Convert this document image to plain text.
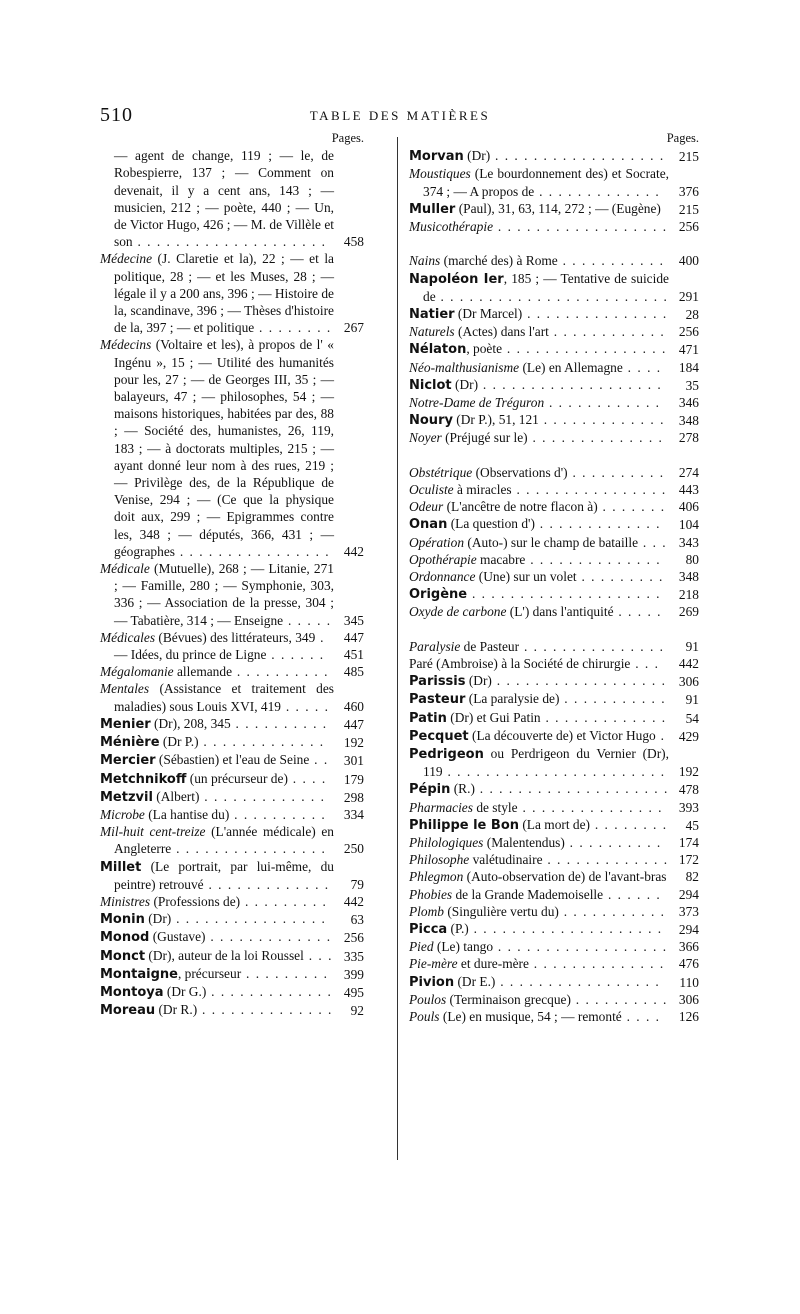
510	TABLE DES MATIÈRES
Pages.
— agent de change, 119 ; — le, de Robespierre, 137 ; — Comment on devenait, il y a cent ans, 143 ; — musicien, 212 ; — poète, 440 ; — Un, de Victor Hugo, 426 ; — M. de Villèle et son . . . . . . . . . . . . . . . . . . . .	458
Médecine (J. Claretie et la), 22 ; — et la politique, 28 ; — et les Muses, 28 ; — légale il y a 200 ans, 396 ; — Histoire de la, scandinave, 396 ; — Thèses d'histoire de la, 397 ; — et politique . . . . . . . . 267
Médecins (Voltaire et les), à propos de l' « Ingénu », 15 ; — Utilité des humanités pour les, 27 ; — de Georges III, 35 ; — balayeurs, 47 ; — philosophes, 54 ; — maisons historiques, habitées par des, 88 ; — Société des, humanistes, 26, 119, 183 ; — à doctorats multiples, 215 ; — ayant donné leur nom à des rues, 219 ; — Privilège des, de la République de Venise, 294 ; — (Ce que la physique doit aux, 299 ; — Epigrammes contre les, 348 ; — députés, 366, 431 ; — géographes . . . . . . . . . . . . . . . .	442
Médicale (Mutuelle), 268 ; — Litanie, 271 ; — Famille, 280 ; — Symphonie, 303, 336 ; — Association de la presse, 304 ; — Tabatière, 314 ; — Enseigne . . . . . 345
Médicales (Bévues) des littérateurs, 349 .	447
— Idées, du prince de Ligne . . . . . .	451
Mégalomanie allemande . . . . . . . . . .	485
Mentales (Assistance et traitement des maladies) sous Louis XVI, 419 . . . . .	460
Menier (Dr), 208, 345 . . . . . . . . . .	447
Ménière (Dr P.) . . . . . . . . . . . . .	192
Mercier (Sébastien) et l'eau de Seine . .	301
Metchnikoff (un précurseur de) . . . .	179
Metzvil (Albert) . . . . . . . . . . . . .	298
Microbe (La hantise du) . . . . . . . . . .	334
Mil-huit cent-treize (L'année médicale) en Angleterre . . . . . . . . . . . . . . . .	250
Millet (Le portrait, par lui-même, du peintre) retrouvé . . . . . . . . . . . . .	79
Ministres (Professions de) . . . . . . . . .	442
Monin (Dr) . . . . . . . . . . . . . . . .	63
Monod (Gustave) . . . . . . . . . . . . . 256
Monct (Dr), auteur de la loi Roussel . . . 335
Montaigne, précurseur . . . . . . . . .	399
Montoya (Dr G.) . . . . . . . . . . . . . 495
Moreau (Dr R.) . . . . . . . . . . . . . .	92
Pages.
Morvan (Dr) . . . . . . . . . . . . . . . . . .	215
Moustiques (Le bourdonnement des) et Socrate, 374 ; — A propos de . . . . . . . . . . . . .	376
Muller (Paul), 31, 63, 114, 272 ; — (Eugène)	215
Musicothérapie . . . . . . . . . . . . . . . . . . 256
Nains (marché des) à Rome . . . . . . . . . . .	400
Napoléon Ier, 185 ; — Tentative de suicide de . . . . . . . . . . . . . . . . . . . . . . . . 291
Natier (Dr Marcel) . . . . . . . . . . . . . . .	28
Naturels (Actes) dans l'art . . . . . . . . . . . .	256
Nélaton, poète . . . . . . . . . . . . . . . . . 471
Néo-malthusianisme (Le) en Allemagne . . . .	184
Niclot (Dr) . . . . . . . . . . . . . . . . . . .	35
Notre-Dame de Tréguron . . . . . . . . . . . .	346
Noury (Dr P.), 51, 121 . . . . . . . . . . . . .	348
Noyer (Préjugé sur le) . . . . . . . . . . . . . .	278
Obstétrique (Observations d') . . . . . . . . . .	274
Oculiste à miracles . . . . . . . . . . . . . . . . 443
Odeur (L'ancêtre de notre flacon à) . . . . . . . 406
Onan (La question d') . . . . . . . . . . . . .	104
Opération (Auto-) sur le champ de bataille . . . 343
Opothérapie macabre . . . . . . . . . . . . . .	80
Ordonnance (Une) sur un volet . . . . . . . . .	348
Origène . . . . . . . . . . . . . . . . . . . .	218
Oxyde de carbone (L') dans l'antiquité . . . . .	269
Paralysie de Pasteur . . . . . . . . . . . . . . .	91
Paré (Ambroise) à la Société de chirurgie . . .	442
Parissis (Dr) . . . . . . . . . . . . . . . . . . 306
Pasteur (La paralysie de) . . . . . . . . . . .	91
Patin (Dr) et Gui Patin . . . . . . . . . . . . .	54
Pecquet (La découverte de) et Victor Hugo .	429
Pedrigeon ou Perdrigeon du Vernier (Dr), 119 . . . . . . . . . . . . . . . . . . . . . . . 192
Pépin (R.) . . . . . . . . . . . . . . . . . . . . 478
Pharmacies de style . . . . . . . . . . . . . . .	393
Philippe le Bon (La mort de) . . . . . . . .	45
Philologiques (Malentendus) . . . . . . . . . .	174
Philosophe valétudinaire . . . . . . . . . . . . . 172
Phlegmon (Auto-observation de) de l'avant-bras	82
Phobies de la Grande Mademoiselle . . . . . .	294
Plomb (Singulière vertu du) . . . . . . . . . . . 373
Picca (P.) . . . . . . . . . . . . . . . . . . . .	294
Pied (Le) tango . . . . . . . . . . . . . . . . . . 366
Pie-mère et dure-mère . . . . . . . . . . . . . .	476
Pivion (Dr E.) . . . . . . . . . . . . . . . . .	110
Poulos (Terminaison grecque) . . . . . . . . . . 306
Pouls (Le) en musique, 54 ; — remonté . . . .	126
